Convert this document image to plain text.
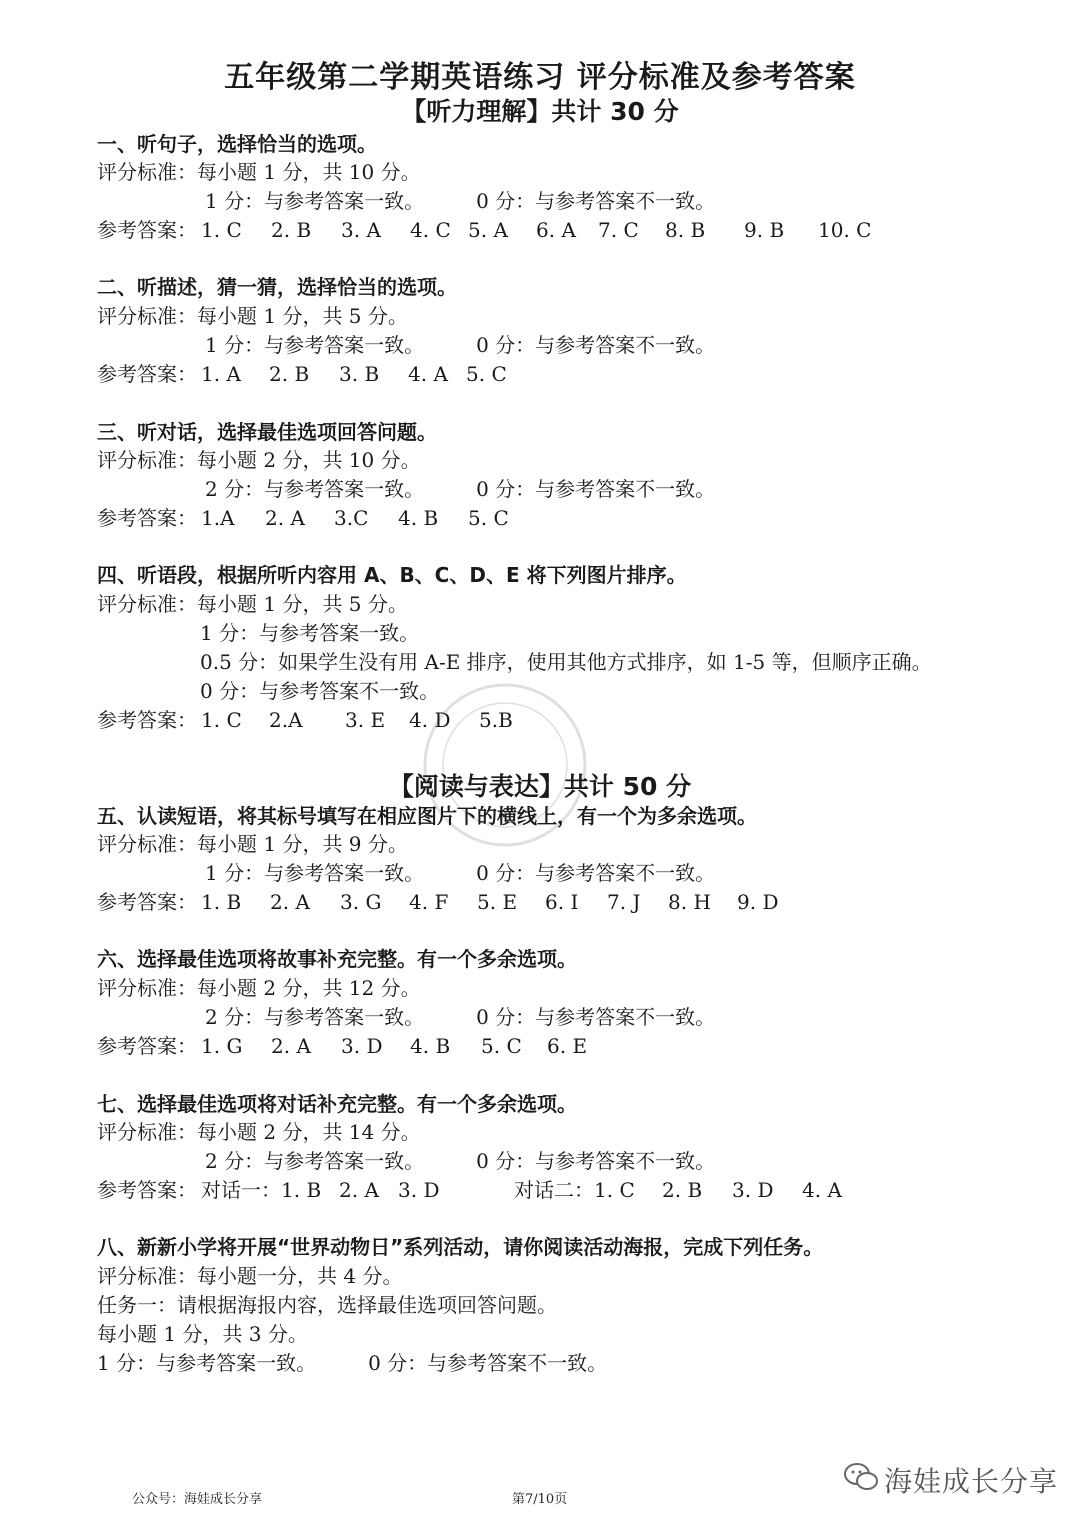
五年级第二学期英语练习 评分标准及参考答案
【听力理解】共计 30 分
一、听句子，选择恰当的选项。
评分标准：每小题 1 分，共 10 分。
1 分：与参考答案一致。	0 分：与参考答案不一致。
参考答案： 1. C 2. B 3. A 4. C 5. A 6. A 7. C 8. B 9. B 10. C
二、听描述，猜一猜，选择恰当的选项。
评分标准：每小题 1 分，共 5 分。
1 分：与参考答案一致。	0 分：与参考答案不一致。
参考答案： 1. A 2. B 3. B 4. A 5. C
三、听对话，选择最佳选项回答问题。
评分标准：每小题 2 分，共 10 分。
2 分：与参考答案一致。	0 分：与参考答案不一致。
参考答案： 1.A 2. A 3.C 4. B 5. C
四、听语段，根据所听内容用 A、B、C、D、E 将下列图片排序。
评分标准：每小题 1 分，共 5 分。
1 分：与参考答案一致。
0.5 分：如果学生没有用 A-E 排序，使用其他方式排序，如 1-5 等，但顺序正确。
0 分：与参考答案不一致。
参考答案： 1. C 2.A 3. E 4. D 5.B
【阅读与表达】共计 50 分
五、认读短语，将其标号填写在相应图片下的横线上，有一个为多余选项。
评分标准：每小题 1 分，共 9 分。
1 分：与参考答案一致。	0 分：与参考答案不一致。
参考答案： 1. B 2. A 3. G 4. F 5. E 6. I 7. J 8. H 9. D
六、选择最佳选项将故事补充完整。有一个多余选项。
评分标准：每小题 2 分，共 12 分。
2 分：与参考答案一致。	0 分：与参考答案不一致。
参考答案： 1. G 2. A 3. D 4. B 5. C 6. E
七、选择最佳选项将对话补充完整。有一个多余选项。
评分标准：每小题 2 分，共 14 分。
2 分：与参考答案一致。	0 分：与参考答案不一致。
参考答案： 对话一：1. B 2. A 3. D	对话二：1. C 2. B 3. D 4. A
八、新新小学将开展“世界动物日”系列活动，请你阅读活动海报，完成下列任务。
评分标准：每小题一分，共 4 分。
任务一：请根据海报内容，选择最佳选项回答问题。
每小题 1 分，共 3 分。
1 分：与参考答案一致。	0 分：与参考答案不一致。
公众号：海娃成长分享	第7/10页
海娃成长分享
